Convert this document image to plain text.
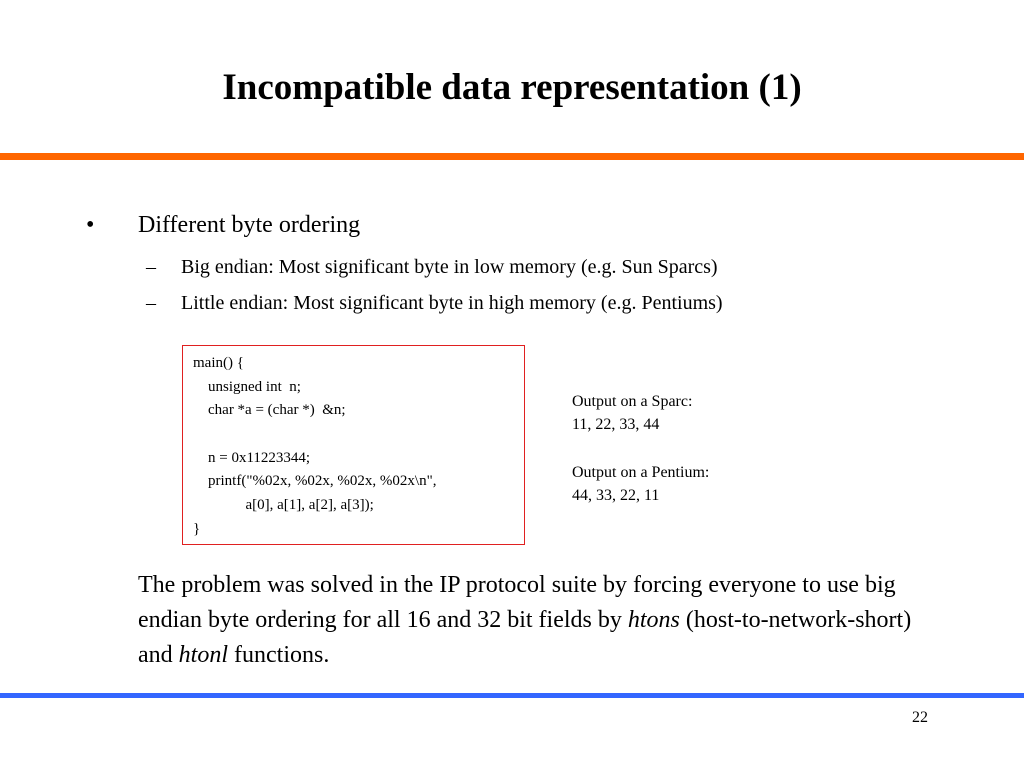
Incompatible data representation (1)
• Different byte ordering
– Big endian: Most significant byte in low memory (e.g. Sun Sparcs)
– Little endian: Most significant byte in high memory (e.g. Pentiums)
main() {
unsigned int  n;
char *a = (char *)  &n;
n = 0x11223344;
printf("%02x, %02x, %02x, %02x\n",
a[0], a[1], a[2], a[3]);
}
Output on a Sparc:
11, 22, 33, 44
Output on a Pentium:
44, 33, 22, 11
The problem was solved in the IP protocol suite by forcing everyone to use big endian byte ordering for all 16 and 32 bit fields by htons (host-to-network-short) and htonl functions.
22
